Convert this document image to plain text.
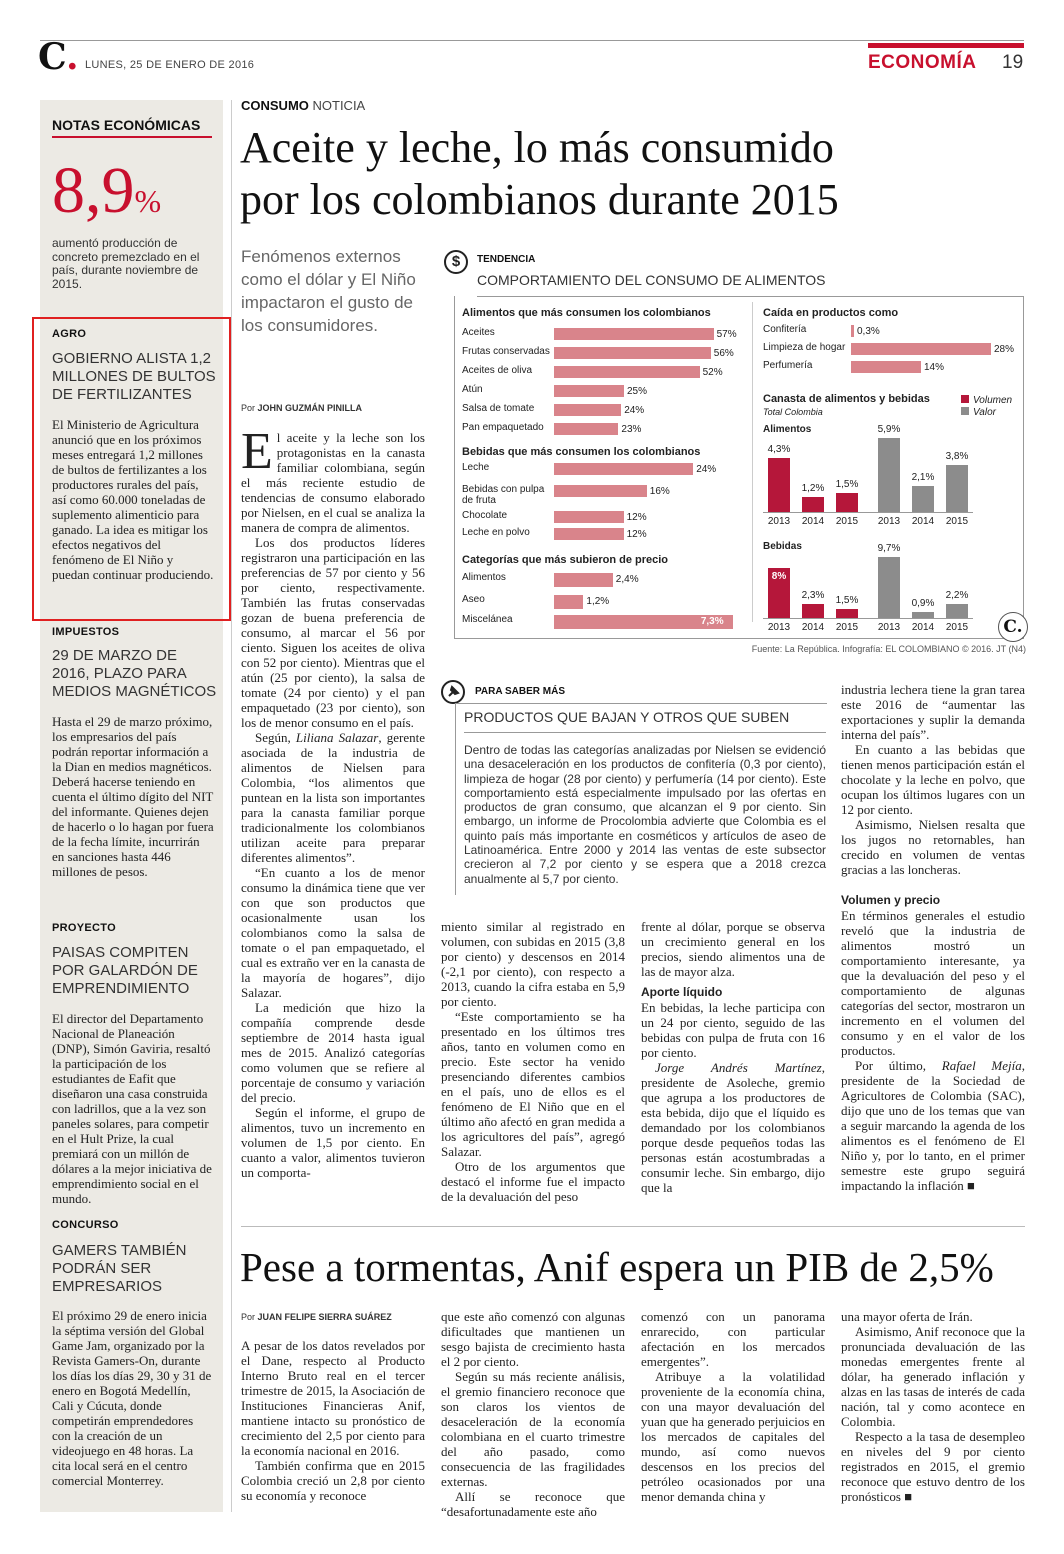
C. LUNES, 25 DE ENERO DE 2016	ECONOMÍA 19
NOTAS ECONÓMICAS
8,9%
aumentó producción de concreto premezclado en el país, durante noviembre de 2015.
AGRO
GOBIERNO ALISTA 1,2 MILLONES DE BULTOS DE FERTILIZANTES
El Ministerio de Agricultura anunció que en los próximos meses entregará 1,2 millones de bultos de fertilizantes a los productores rurales del país, así como 60.000 toneladas de suplemento alimenticio para ganado. La idea es mitigar los efectos negativos del fenómeno de El Niño y puedan continuar produciendo.
IMPUESTOS
29 DE MARZO DE 2016, PLAZO PARA MEDIOS MAGNÉTICOS
Hasta el 29 de marzo próximo, los empresarios del país podrán reportar información a la Dian en medios magnéticos. Deberá hacerse teniendo en cuenta el último dígito del NIT del informante. Quienes dejen de hacerlo o lo hagan por fuera de la fecha límite, incurrirán en sanciones hasta 446 millones de pesos.
PROYECTO
PAISAS COMPITEN POR GALARDÓN DE EMPRENDIMIENTO
El director del Departamento Nacional de Planeación (DNP), Simón Gaviria, resaltó la participación de los estudiantes de Eafit que diseñaron una casa construida con ladrillos, que a la vez son paneles solares, para competir en el Hult Prize, la cual premiará con un millón de dólares a la mejor iniciativa de emprendimiento social en el mundo.
CONCURSO
GAMERS TAMBIÉN PODRÁN SER EMPRESARIOS
El próximo 29 de enero inicia la séptima versión del Global Game Jam, organizado por la Revista Gamers-On, durante los días los días 29, 30 y 31 de enero en Bogotá Medellín, Cali y Cúcuta, donde competirán emprendedores con la creación de un videojuego en 48 horas. La cita local será en el centro comercial Monterrey.
CONSUMO NOTICIA
Aceite y leche, lo más consumido
por los colombianos durante 2015
Fenómenos externos como el dólar y El Niño impactaron el gusto de los consumidores.
Por JOHN GUZMÁN PINILLA

El aceite y la leche son los protagonistas en la canasta familiar colombiana, según el más reciente estudio de tendencias de consumo elaborado por Nielsen, en el cual se analiza la manera de compra de alimentos.

Los dos productos líderes registraron una participación en las preferencias de 57 por ciento y 56 por ciento, respectivamente. También las frutas conservadas gozan de buena preferencia de consumo, al marcar el 56 por ciento. Siguen los aceites de oliva con 52 por ciento). Mientras que el atún (25 por ciento), la salsa de tomate (24 por ciento) y el pan empaquetado (23 por ciento), son los de menor consumo en el país.

Según, Liliana Salazar, gerente asociada de la industria de alimentos de Nielsen para Colombia, “los alimentos que puntean en la lista son importantes para la canasta familiar porque tradicionalmente los colombianos utilizan aceite para preparar diferentes alimentos”.

“En cuanto a los de menor consumo la dinámica tiene que ver con que son productos que ocasionalmente usan los colombianos como la salsa de tomate o el pan empaquetado, el cual es extraño ver en la canasta de la mayoría de hogares”, dijo Salazar.

La medición que hizo la compañía comprende desde septiembre de 2014 hasta igual mes de 2015. Analizó categorías como volumen que se refiere al porcentaje de consumo y variación del precio.

Según el informe, el grupo de alimentos, tuvo un incremento en volumen de 1,5 por ciento. En cuanto a valor, alimentos tuvieron un comporta-

$	TENDENCIA
COMPORTAMIENTO DEL CONSUMO DE ALIMENTOS
Alimentos que más consumen los colombianos
Aceites	57%
Frutas conservadas	56%
Aceites de oliva	52%
Atún	25%
Salsa de tomate	24%
Pan empaquetado	23%
Bebidas que más consumen los colombianos
Leche	24%
Bebidas con pulpa de fruta
16%
Chocolate	12%
Leche en polvo	12%
Categorías que más subieron de precio
Alimentos	2,4%
Aseo	1,2%
Miscelánea	7,3%
Caída en productos como
Confitería	0,3%
Limpieza de hogar	28%
Perfumería	14%
Canasta de alimentos y bebidas
Total Colombia
Alimentos
4,3%
2013
1,2%
2014
1,5%
2015
5,9%
2013
2,1%
2014
3,8%
2015
Bebidas
8%
2013
2,3%
2014
1,5%
2015
9,7%
2013
0,9%
2014
2,2%
2015
Volumen
Valor
C.
Fuente: La República. Infografía: EL COLOMBIANO © 2016. JT (N4)
PARA SABER MÁS
PRODUCTOS QUE BAJAN Y OTROS QUE SUBEN
Dentro de todas las categorías analizadas por Nielsen se evidenció una desaceleración en los productos de confitería (0,3 por ciento), limpieza de hogar (28 por ciento) y perfumería (14 por ciento). Este comportamiento está especialmente impulsado por las ofertas en productos de gran consumo, que alcanzan el 9 por ciento. Sin embargo, un informe de Procolombia advierte que Colombia es el quinto país más importante en cosméticos y artículos de aseo de Latinoamérica. Entre 2000 y 2014 las ventas de este subsector crecieron al 7,2 por ciento y se espera que a 2018 crezca anualmente al 5,7 por ciento.

miento similar al registrado en volumen, con subidas en 2015 (3,8 por ciento) y descensos en 2014 (-2,1 por ciento), con respecto a 2013, cuando la cifra estaba en 5,9 por ciento.

“Este comportamiento se ha presentado en los últimos tres años, tanto en volumen como en precio. Este sector ha venido presenciando diferentes cambios en el país, uno de ellos es el fenómeno de El Niño que en el último año afectó en gran medida a los agricultores del país”, agregó Salazar.

Otro de los argumentos que destacó el informe fue el impacto de la devaluación del peso

frente al dólar, porque se observa un crecimiento general en los precios, siendo alimentos una de las de mayor alza.

Aporte líquido

En bebidas, la leche participa con un 24 por ciento, seguido de las bebidas con pulpa de fruta con 16 por ciento.

Jorge Andrés Martínez, presidente de Asoleche, gremio que agrupa a los productores de esta bebida, dijo que el líquido es demandado por los colombianos porque desde pequeños todas las personas están acostumbradas a consumir leche. Sin embargo, dijo que la

industria lechera tiene la gran tarea este 2016 de “aumentar las exportaciones y suplir la demanda interna del país”.

En cuanto a las bebidas que tienen menos participación están el chocolate y la leche en polvo, que ocupan los últimos lugares con un 12 por ciento.

Asimismo, Nielsen resalta que los jugos no retornables, han crecido en volumen de ventas gracias a las loncheras.

Volumen y precio

En términos generales el estudio reveló que la industria de alimentos mostró un comportamiento interesante, ya que la devaluación del peso y el comportamiento de algunas categorías del sector, mostraron un incremento en el volumen del consumo y en el valor de los productos.

Por último, Rafael Mejía, presidente de la Sociedad de Agricultores de Colombia (SAC), dijo que uno de los temas que van a seguir marcando la agenda de los alimentos es el fenómeno de El Niño y, por lo tanto, en el primer semestre este grupo seguirá impactando la inflación ■

Pese a tormentas, Anif espera un PIB de 2,5%
Por JUAN FELIPE SIERRA SUÁREZ

A pesar de los datos revelados por el Dane, respecto al Producto Interno Bruto real en el tercer trimestre de 2015, la Asociación de Instituciones Financieras Anif, mantiene intacto su pronóstico de crecimiento del 2,5 por ciento para la economía nacional en 2016.

También confirma que en 2015 Colombia creció un 2,8 por ciento su economía y reconoce

que este año comenzó con algunas dificultades que mantienen un sesgo bajista de crecimiento hasta el 2 por ciento.

Según su más reciente análisis, el gremio financiero reconoce que son claros los vientos de desaceleración de la economía colombiana en el cuarto trimestre del año pasado, como consecuencia de las fragilidades externas.

Allí se reconoce que “desafortunadamente este año

comenzó con un panorama enrarecido, con particular afectación en los mercados emergentes”.

Atribuye a la volatilidad proveniente de la economía china, con una mayor devaluación del yuan que ha generado perjuicios en los mercados de capitales del mundo, así como nuevos descensos en los precios del petróleo ocasionados por una menor demanda china y

una mayor oferta de Irán.

Asimismo, Anif reconoce que la pronunciada devaluación de las monedas emergentes frente al dólar, ha generado inflación y alzas en las tasas de interés de cada nación, tal y como acontece en Colombia.

Respecto a la tasa de desempleo en niveles del 9 por ciento registrados en 2015, el gremio reconoce que estuvo dentro de los pronósticos ■
